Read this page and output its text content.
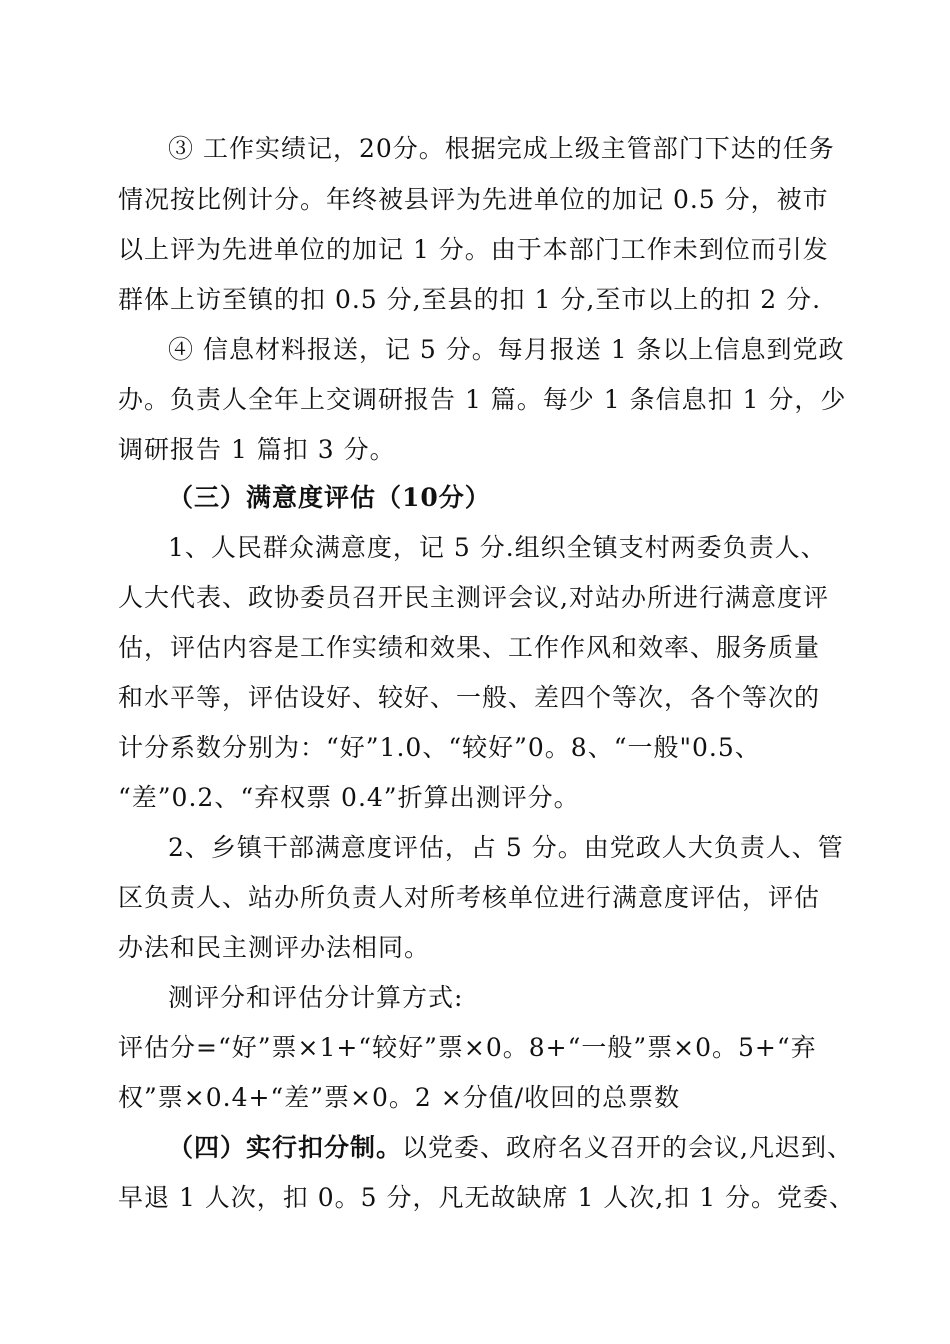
③ 工作实绩记，20分。根据完成上级主管部门下达的任务
情况按比例计分。年终被县评为先进单位的加记 0.5 分，被市
以上评为先进单位的加记 1 分。由于本部门工作未到位而引发
群体上访至镇的扣 0.5 分,至县的扣 1 分,至市以上的扣 2 分.
④ 信息材料报送，记 5 分。每月报送 1 条以上信息到党政
办。负责人全年上交调研报告 1 篇。每少 1 条信息扣 1 分，少
调研报告 1 篇扣 3 分。
（三）满意度评估（10分）
1、人民群众满意度，记 5 分.组织全镇支村两委负责人、
人大代表、政协委员召开民主测评会议,对站办所进行满意度评
估，评估内容是工作实绩和效果、工作作风和效率、服务质量
和水平等，评估设好、较好、一般、差四个等次，各个等次的
计分系数分别为：“好”1.0、“较好”0。8、“一般"0.5、
“差”0.2、“弃权票 0.4”折算出测评分。
2、乡镇干部满意度评估，占 5 分。由党政人大负责人、管
区负责人、站办所负责人对所考核单位进行满意度评估，评估
办法和民主测评办法相同。
测评分和评估分计算方式:
评估分=“好”票×1+“较好”票×0。8+“一般”票×0。5+“弃
权”票×0.4+“差”票×0。2 ×分值/收回的总票数
（四）实行扣分制。以党委、政府名义召开的会议,凡迟到、
早退 1 人次，扣 0。5 分，凡无故缺席 1 人次,扣 1 分。党委、
